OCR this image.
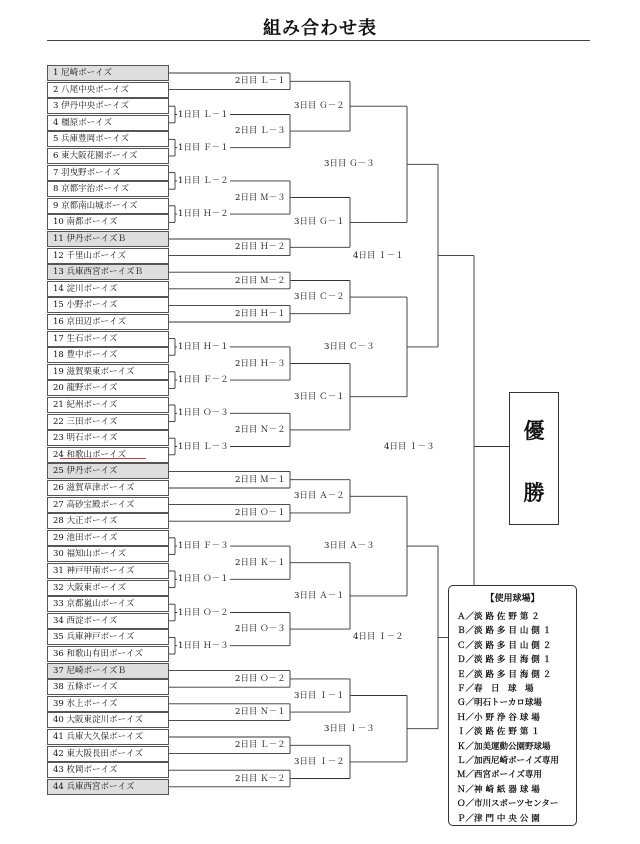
組み合わせ表
1 尼崎ボーイズ
2 八尾中央ボーイズ
3 伊丹中央ボーイズ
4 橿原ボーイズ
5 兵庫豊岡ボーイズ
6 東大阪花園ボーイズ
7 羽曳野ボーイズ
8 京都宇治ボーイズ
9 京都南山城ボーイズ
10 南都ボーイズ
11 伊丹ボーイズＢ
12 千里山ボーイズ
13 兵庫西宮ボーイズＢ
14 淀川ボーイズ
15 小野ボーイズ
16 京田辺ボーイズ
17 生石ボーイズ
18 豊中ボーイズ
19 滋賀栗東ボーイズ
20 龍野ボーイズ
21 紀州ボーイズ
22 三田ボーイズ
23 明石ボーイズ
24 和歌山ボーイズ
25 伊丹ボーイズ
26 滋賀草津ボーイズ
27 高砂宝殿ボーイズ
28 大正ボーイズ
29 池田ボーイズ
30 福知山ボーイズ
31 神戸甲南ボーイズ
32 大阪東ボーイズ
33 京都嵐山ボーイズ
34 西淀ボーイズ
35 兵庫神戸ボーイズ
36 和歌山有田ボーイズ
37 尼崎ボーイズＢ
38 五條ボーイズ
39 氷上ボーイズ
40 大阪東淀川ボーイズ
41 兵庫大久保ボーイズ
42 東大阪長田ボーイズ
43 枚岡ボーイズ
44 兵庫西宮ボーイズ
1日目 Ｌ－１
1日目 Ｆ－１
1日目 Ｌ－２
1日目 Ｈ－２
1日目 Ｈ－１
1日目 Ｆ－２
1日目 Ｏ－３
1日目 Ｌ－３
1日目 Ｆ－３
1日目 Ｏ－１
1日目 Ｏ－２
1日目 Ｈ－３
2日目 Ｌ－１
2日目 Ｌ－３
2日目 Ｍ－３
2日目 Ｈ－２
2日目 Ｍ－２
2日目 Ｈ－１
2日目 Ｈ－３
2日目 Ｎ－２
2日目 Ｍ－１
2日目 Ｏ－１
2日目 Ｋ－１
2日目 Ｏ－３
2日目 Ｏ－２
2日目 Ｎ－１
2日目 Ｌ－２
2日目 Ｋ－２
3日目 Ｇ－２
3日目 Ｇ－１
3日目 Ｃ－２
3日目 Ｃ－１
3日目 Ａ－２
3日目 Ａ－１
3日目 Ｉ－１
3日目 Ｉ－２
3日目 Ｇ－３
3日目 Ｃ－３
3日目 Ａ－３
3日目 Ｉ－３
4日目 Ｉ－１
4日目 Ｉ－２
4日目 Ｉ－３
優
勝
【使用球場】
Ａ／淡 路 佐 野 第 ２
Ｂ／淡 路 多 目 山 側 １
Ｃ／淡 路 多 目 山 側 ２
Ｄ／淡 路 多 目 海 側 １
Ｅ／淡 路 多 目 海 側 ２
Ｆ／春　日　球　場
Ｇ／明石トーカロ球場
Ｈ／小 野 浄 谷 球 場
Ｉ／淡 路 佐 野 第 １
Ｋ／加美運動公園野球場
Ｌ／加西尼崎ボーイズ専用
Ｍ／西宮ボーイズ専用
Ｎ／神 崎 紙 器 球 場
Ｏ／市川スポーツセンター
Ｐ／津 門 中 央 公 園
